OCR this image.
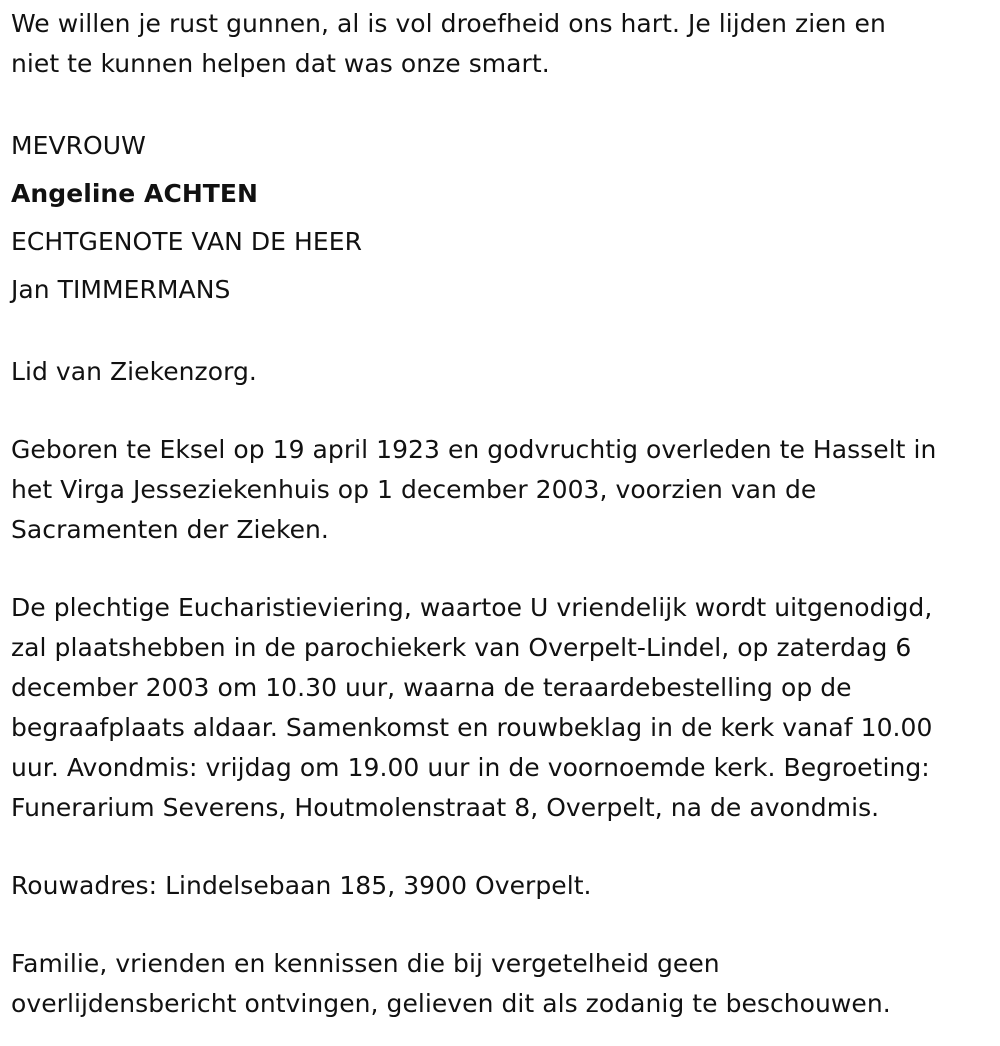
We willen je rust gunnen, al is vol droefheid ons hart. Je lijden zien en

niet te kunnen helpen dat was onze smart.

MEVROUW

Angeline ACHTEN

ECHTGENOTE VAN DE HEER

Jan TIMMERMANS

Lid van Ziekenzorg.

Geboren te Eksel op 19 april 1923 en godvruchtig overleden te Hasselt in

het Virga Jesseziekenhuis op 1 december 2003, voorzien van de

Sacramenten der Zieken.

De plechtige Eucharistieviering, waartoe U vriendelijk wordt uitgenodigd,

zal plaatshebben in de parochiekerk van Overpelt-Lindel, op zaterdag 6

december 2003 om 10.30 uur, waarna de teraardebestelling op de

begraafplaats aldaar. Samenkomst en rouwbeklag in de kerk vanaf 10.00

uur. Avondmis: vrijdag om 19.00 uur in de voornoemde kerk. Begroeting:

Funerarium Severens, Houtmolenstraat 8, Overpelt, na de avondmis.

Rouwadres: Lindelsebaan 185, 3900 Overpelt.

Familie, vrienden en kennissen die bij vergetelheid geen

overlijdensbericht ontvingen, gelieven dit als zodanig te beschouwen.
